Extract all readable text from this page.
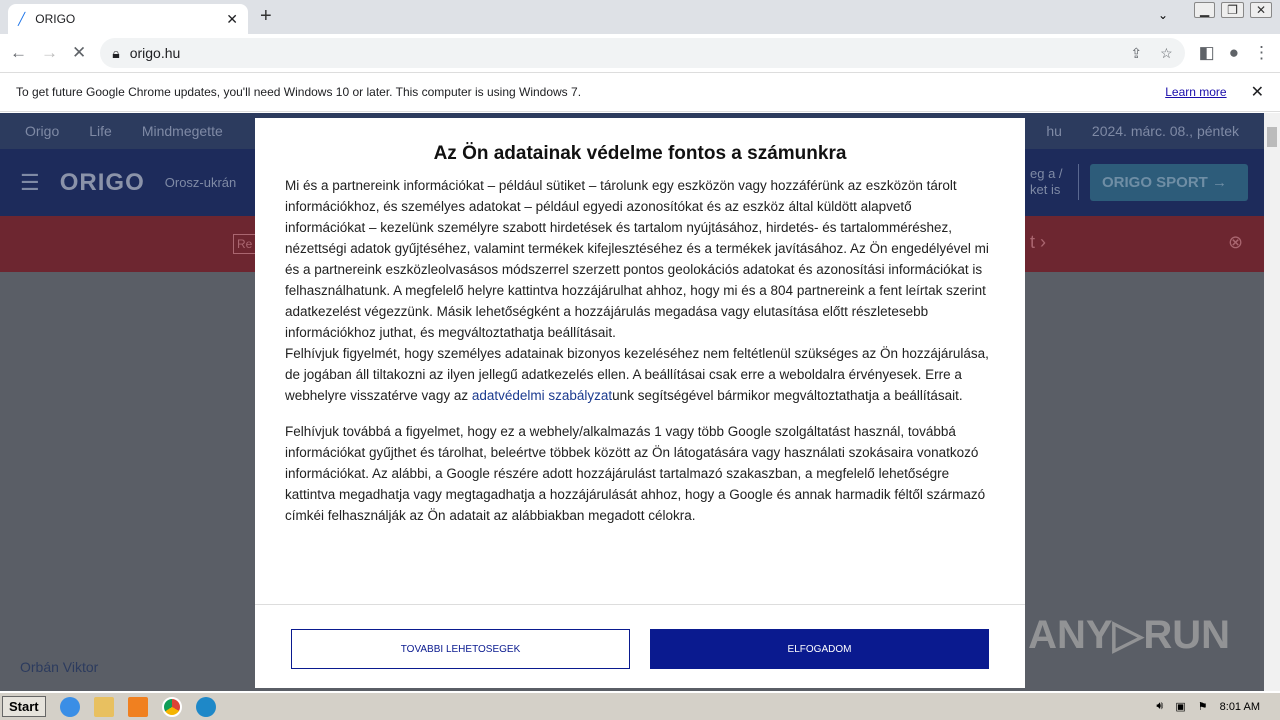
╱ ORIGO	✕ +	⌄	▁	❐	✕
← → ✕ 🔒︎ origo.hu	⇪ ☆ ◧ ● ⋮
To get future Google Chrome updates, you'll need Windows 10 or later. This computer is using Windows 7.	Learn more ✕
Origo Life Mindmegette	hu 2024. márc. 08., péntek
☰ ORIGO Orosz-ukrán
eg a / ket is	ORIGO SPORT →
Re	t ›	⊗
Orbán Viktor
ANY▷RUN
Az Ön adatainak védelme fontos a számunkra

Mi és a partnereink információkat – például sütiket – tárolunk egy eszközön vagy hozzáférünk az eszközön tárolt információkhoz, és személyes adatokat – például egyedi azonosítókat és az eszköz által küldött alapvető információkat – kezelünk személyre szabott hirdetések és tartalom nyújtásához, hirdetés- és tartalomméréshez, nézettségi adatok gyűjtéséhez, valamint termékek kifejlesztéséhez és a termékek javításához. Az Ön engedélyével mi és a partnereink eszközleolvasásos módszerrel szerzett pontos geolokációs adatokat és azonosítási információkat is felhasználhatunk. A megfelelő helyre kattintva hozzájárulhat ahhoz, hogy mi és a 804 partnereink a fent leírtak szerint adatkezelést végezzünk. Másik lehetőségként a hozzájárulás megadása vagy elutasítása előtt részletesebb információkhoz juthat, és megváltoztathatja beállításait.
Felhívjuk figyelmét, hogy személyes adatainak bizonyos kezeléséhez nem feltétlenül szükséges az Ön hozzájárulása, de jogában áll tiltakozni az ilyen jellegű adatkezelés ellen. A beállításai csak erre a weboldalra érvényesek. Erre a webhelyre visszatérve vagy az adatvédelmi szabályzatunk segítségével bármikor megváltoztathatja a beállításait.

Felhívjuk továbbá a figyelmet, hogy ez a webhely/alkalmazás 1 vagy több Google szolgáltatást használ, továbbá információkat gyűjthet és tárolhat, beleértve többek között az Ön látogatására vagy használati szokásaira vonatkozó információkat. Az alábbi, a Google részére adott hozzájárulást tartalmazó szakaszban, a megfelelő lehetőségre kattintva megadhatja vagy megtagadhatja a hozzájárulását ahhoz, hogy a Google és annak harmadik féltől származó címkéi felhasználják az Ön adatait az alábbiakban megadott célokra.

TOVABBI LEHETOSEGEK	ELFOGADOM
Start	🔊︎ ▣ ⚑ 8:01 AM
